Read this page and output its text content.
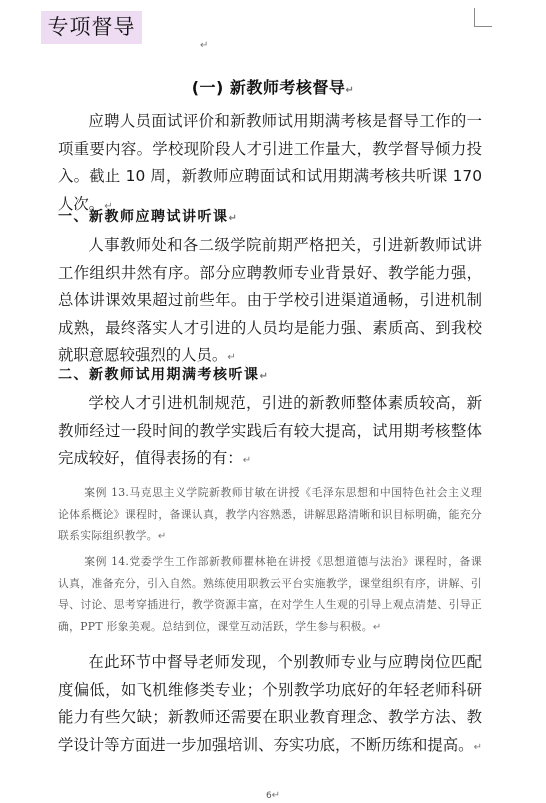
专项督导
↵
(一) 新教师考核督导↵

应聘人员面试评价和新教师试用期满考核是督导工作的一项重要内容。学校现阶段人才引进工作量大，教学督导倾力投入。截止 10 周，新教师应聘面试和试用期满考核共听课 170 人次。↵

一、新教师应聘试讲听课↵

人事教师处和各二级学院前期严格把关，引进新教师试讲工作组织井然有序。部分应聘教师专业背景好、教学能力强，总体讲课效果超过前些年。由于学校引进渠道通畅，引进机制成熟，最终落实人才引进的人员均是能力强、素质高、到我校就职意愿较强烈的人员。↵

二、新教师试用期满考核听课↵

学校人才引进机制规范，引进的新教师整体素质较高，新教师经过一段时间的教学实践后有较大提高，试用期考核整体完成较好，值得表扬的有：↵

案例 13.马克思主义学院新教师甘敏在讲授《毛泽东思想和中国特色社会主义理论体系概论》课程时，备课认真，教学内容熟悉，讲解思路清晰和识目标明确，能充分联系实际组织教学。↵

案例 14.党委学生工作部新教师瞿林艳在讲授《思想道德与法治》课程时，备课认真，准备充分，引入自然。熟练使用职教云平台实施教学，课堂组织有序，讲解、引导、讨论、思考穿插进行，教学资源丰富，在对学生人生观的引导上观点清楚、引导正确，PPT 形象美观。总结到位，课堂互动活跃，学生参与积极。↵

在此环节中督导老师发现，个别教师专业与应聘岗位匹配度偏低，如飞机维修类专业；个别教学功底好的年轻老师科研能力有些欠缺；新教师还需要在职业教育理念、教学方法、教学设计等方面进一步加强培训、夯实功底，不断历练和提高。↵

6↵
